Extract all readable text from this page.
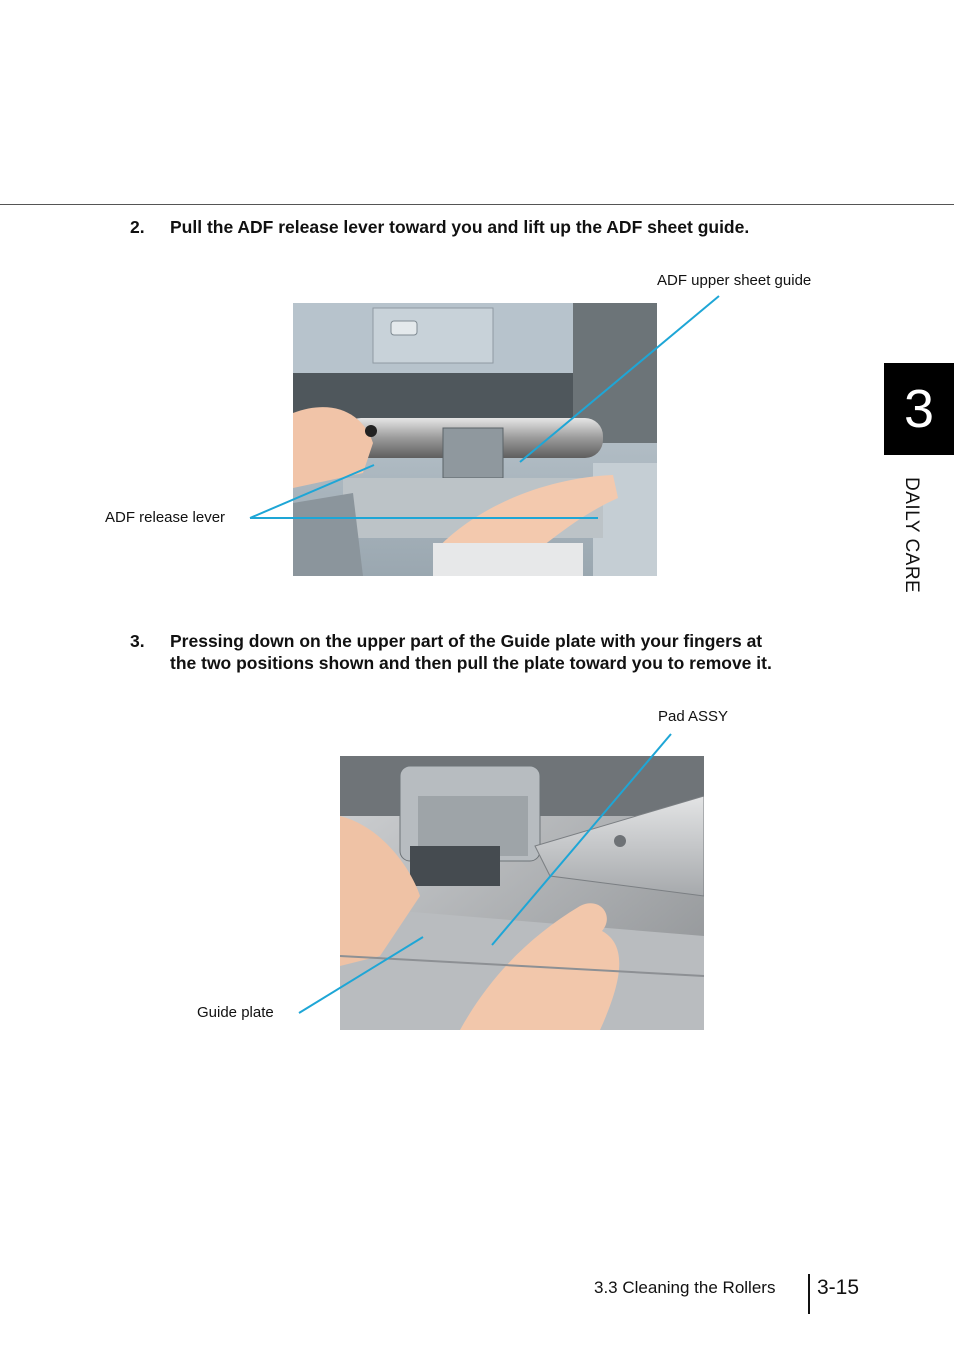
2. Pull the ADF release lever toward you and lift up the ADF sheet guide.
ADF upper sheet guide
ADF release lever
3. Pressing down on the upper part of the Guide plate with your fingers at
the two positions shown and then pull the plate toward you to remove it.
Pad ASSY
Guide plate
3
DAILY CARE
3.3 Cleaning the Rollers 3-15
